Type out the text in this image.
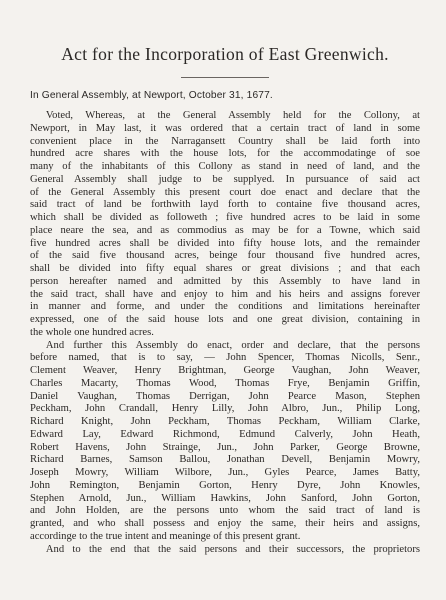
Act for the Incorporation of East Greenwich.

In General Assembly, at Newport, October 31, 1677.

  Voted, Whereas, at the General Assembly held for the Collony, at
Newport, in May last, it was ordered that a certain tract of land in some
convenient place in the Narragansett Country shall be laid forth into
hundred acre shares with the house lots, for the accommodatinge of soe
many of the inhabitants of this Collony as stand in need of land, and the
General Assembly shall judge to be supplyed. In pursuance of said act
of the General Assembly this present court doe enact and declare that the
said tract of land be forthwith layd forth to containe five thousand acres,
which shall be divided as followeth ; five hundred acres to be laid in some
place neare the sea, and as commodius as may be for a Towne, which said
five hundred acres shall be divided into fifty house lots, and the remainder
of the said five thousand acres, beinge four thousand five hundred acres,
shall be divided into fifty equal shares or great divisions ; and that each
person hereafter named and admitted by this Assembly to have land in
the said tract, shall have and enjoy to him and his heirs and assigns forever
in manner and forme, and under the conditions and limitations hereinafter
expressed, one of the said house lots and one great division, containing in
the whole one hundred acres.
  And further this Assembly do enact, order and declare, that the persons
before named, that is to say, — John Spencer, Thomas Nicolls, Senr.,
Clement Weaver, Henry Brightman, George Vaughan, John Weaver,
Charles Macarty, Thomas Wood, Thomas Frye, Benjamin Griffin,
Daniel Vaughan, Thomas Derrigan, John Pearce Mason, Stephen
Peckham, John Crandall, Henry Lilly, John Albro, Jun., Philip Long,
Richard Knight, John Peckham, Thomas Peckham, William Clarke,
Edward Lay, Edward Richmond, Edmund Calverly, John Heath,
Robert Havens, John Strainge, Jun., John Parker, George Browne,
Richard Barnes, Samson Ballou, Jonathan Devell, Benjamin Mowry,
Joseph Mowry, William Wilbore, Jun., Gyles Pearce, James Batty,
John Remington, Benjamin Gorton, Henry Dyre, John Knowles,
Stephen Arnold, Jun., William Hawkins, John Sanford, John Gorton,
and John Holden, are the persons unto whom the said tract of land is
granted, and who shall possess and enjoy the same, their heirs and assigns,
accordinge to the true intent and meaninge of this present grant.
  And to the end that the said persons and their successors, the proprietors
